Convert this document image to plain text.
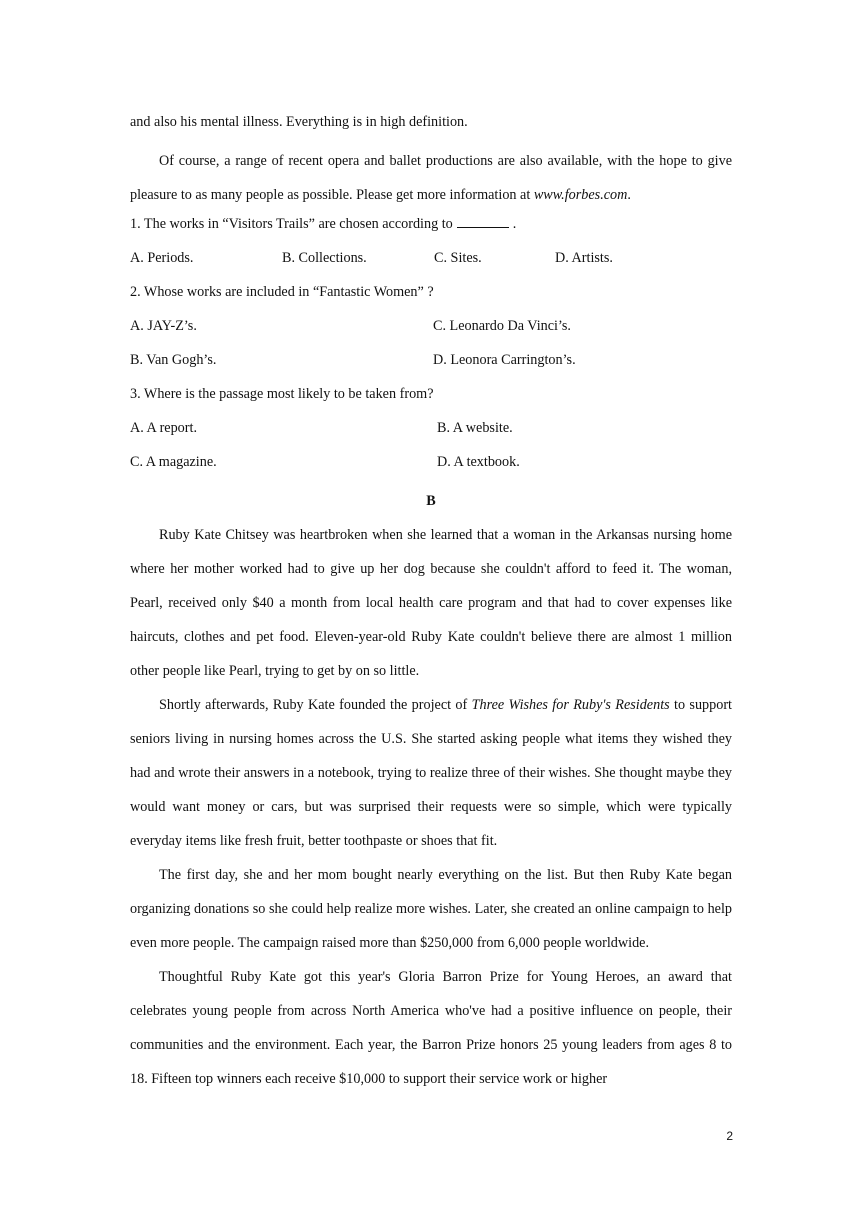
and also his mental illness. Everything is in high definition.

Of course, a range of recent opera and ballet productions are also available, with the hope to give pleasure to as many people as possible. Please get more information at www.forbes.com.

1. The works in “Visitors Trails” are chosen according to	.
A. Periods.	B. Collections.	C. Sites.	D. Artists.
2. Whose works are included in “Fantastic Women” ?
A. JAY-Z’s.	C. Leonardo Da Vinci’s.
B. Van Gogh’s.	D. Leonora Carrington’s.
3. Where is the passage most likely to be taken from?
A. A report.	B. A website.
C. A magazine.	D. A textbook.
B

Ruby Kate Chitsey was heartbroken when she learned that a woman in the Arkansas nursing home where her mother worked had to give up her dog because she couldn't afford to feed it. The woman, Pearl, received only $40 a month from local health care program and that had to cover expenses like haircuts, clothes and pet food. Eleven-year-old Ruby Kate couldn't believe there are almost 1 million other people like Pearl, trying to get by on so little.

Shortly afterwards, Ruby Kate founded the project of Three Wishes for Ruby's Residents to support seniors living in nursing homes across the U.S. She started asking people what items they wished they had and wrote their answers in a notebook, trying to realize three of their wishes. She thought maybe they would want money or cars, but was surprised their requests were so simple, which were typically everyday items like fresh fruit, better toothpaste or shoes that fit.

The first day, she and her mom bought nearly everything on the list. But then Ruby Kate began organizing donations so she could help realize more wishes. Later, she created an online campaign to help even more people. The campaign raised more than $250,000 from 6,000 people worldwide.

Thoughtful Ruby Kate got this year's Gloria Barron Prize for Young Heroes, an award that celebrates young people from across North America who've had a positive influence on people, their communities and the environment. Each year, the Barron Prize honors 25 young leaders from ages 8 to 18. Fifteen top winners each receive $10,000 to support their service work or higher

2
